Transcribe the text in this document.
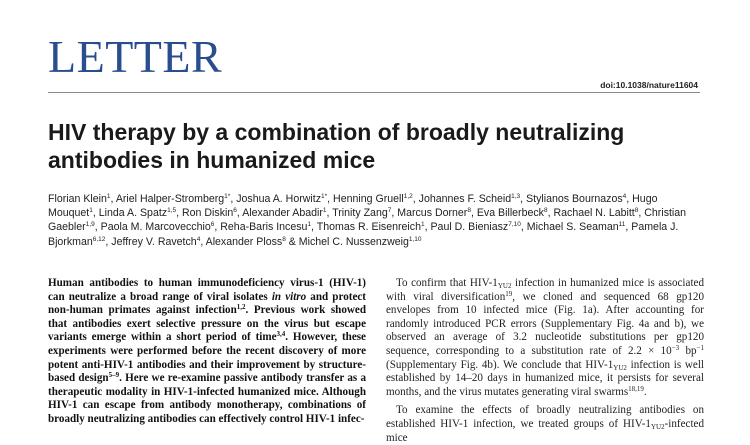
LETTER
doi:10.1038/nature11604
HIV therapy by a combination of broadly neutralizing antibodies in humanized mice
Florian Klein$^1$, Ariel Halper-Stromberg$^{1*}$, Joshua A. Horwitz$^{1*}$, Henning Gruell$^{1,2}$, Johannes F. Scheid$^{1,3}$, Stylianos Bournazos$^4$, Hugo Mouquet$^1$, Linda A. Spatz$^{1,5}$, Ron Diskin$^6$, Alexander Abadir$^1$, Trinity Zang$^7$, Marcus Dorner$^8$, Eva Billerbeck$^8$, Rachael N. Labitt$^8$, Christian Gaebler$^{1,9}$, Paola M. Marcovecchio$^6$, Reha-Baris Incesu$^1$, Thomas R. Eisenreich$^1$, Paul D. Bieniasz$^{7,10}$, Michael S. Seaman$^{11}$, Pamela J. Bjorkman$^{6,12}$, Jeffrey V. Ravetch$^4$, Alexander Ploss$^8$ & Michel C. Nussenzweig$^{1,10}$

Human antibodies to human immunodeficiency virus-1 (HIV-1) can neutralize a broad range of viral isolates in vitro and protect non-human primates against infection$^{1,2}$. Previous work showed that antibodies exert selective pressure on the virus but escape variants emerge within a short period of time$^{3,4}$. However, these experiments were performed before the recent discovery of more potent anti-HIV-1 antibodies and their improvement by structure-based design$^{5-9}$. Here we re-examine passive antibody transfer as a therapeutic modality in HIV-1-infected humanized mice. Although HIV-1 can escape from antibody monotherapy, combinations of broadly neutralizing antibodies can effectively control HIV-1 infec-

To confirm that HIV-$1_{YU2}$ infection in humanized mice is associated with viral diversification$^{19}$, we cloned and sequenced 68 gp120 envelopes from 10 infected mice (Fig. 1a). After accounting for randomly introduced PCR errors (Supplementary Fig. 4a and b), we observed an average of 3.2 nucleotide substitutions per gp120 sequence, corresponding to a substitution rate of $2.2 \times 10^{-3}$ $bp^{-1}$ (Supplementary Fig. 4b). We conclude that HIV-$1_{YU2}$ infection is well established by 14–20 days in humanized mice, it persists for several months, and the virus mutates generating viral swarms$^{18,19}$.

To examine the effects of broadly neutralizing antibodies on established HIV-1 infection, we treated groups of HIV-$1_{YU2}$-infected mice
